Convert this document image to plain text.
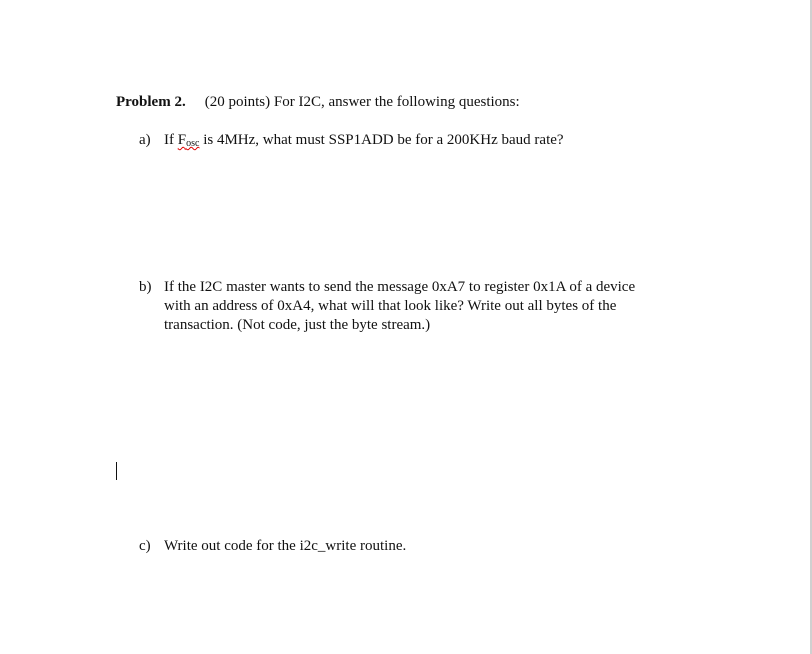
Problem 2. (20 points) For I2C, answer the following questions:
a) If $F_{osc}$ is 4MHz, what must SSP1ADD be for a 200KHz baud rate?
b) If the I2C master wants to send the message 0xA7 to register 0x1A of a device
with an address of 0xA4, what will that look like? Write out all bytes of the
transaction. (Not code, just the byte stream.)
c) Write out code for the i2c_write routine.
